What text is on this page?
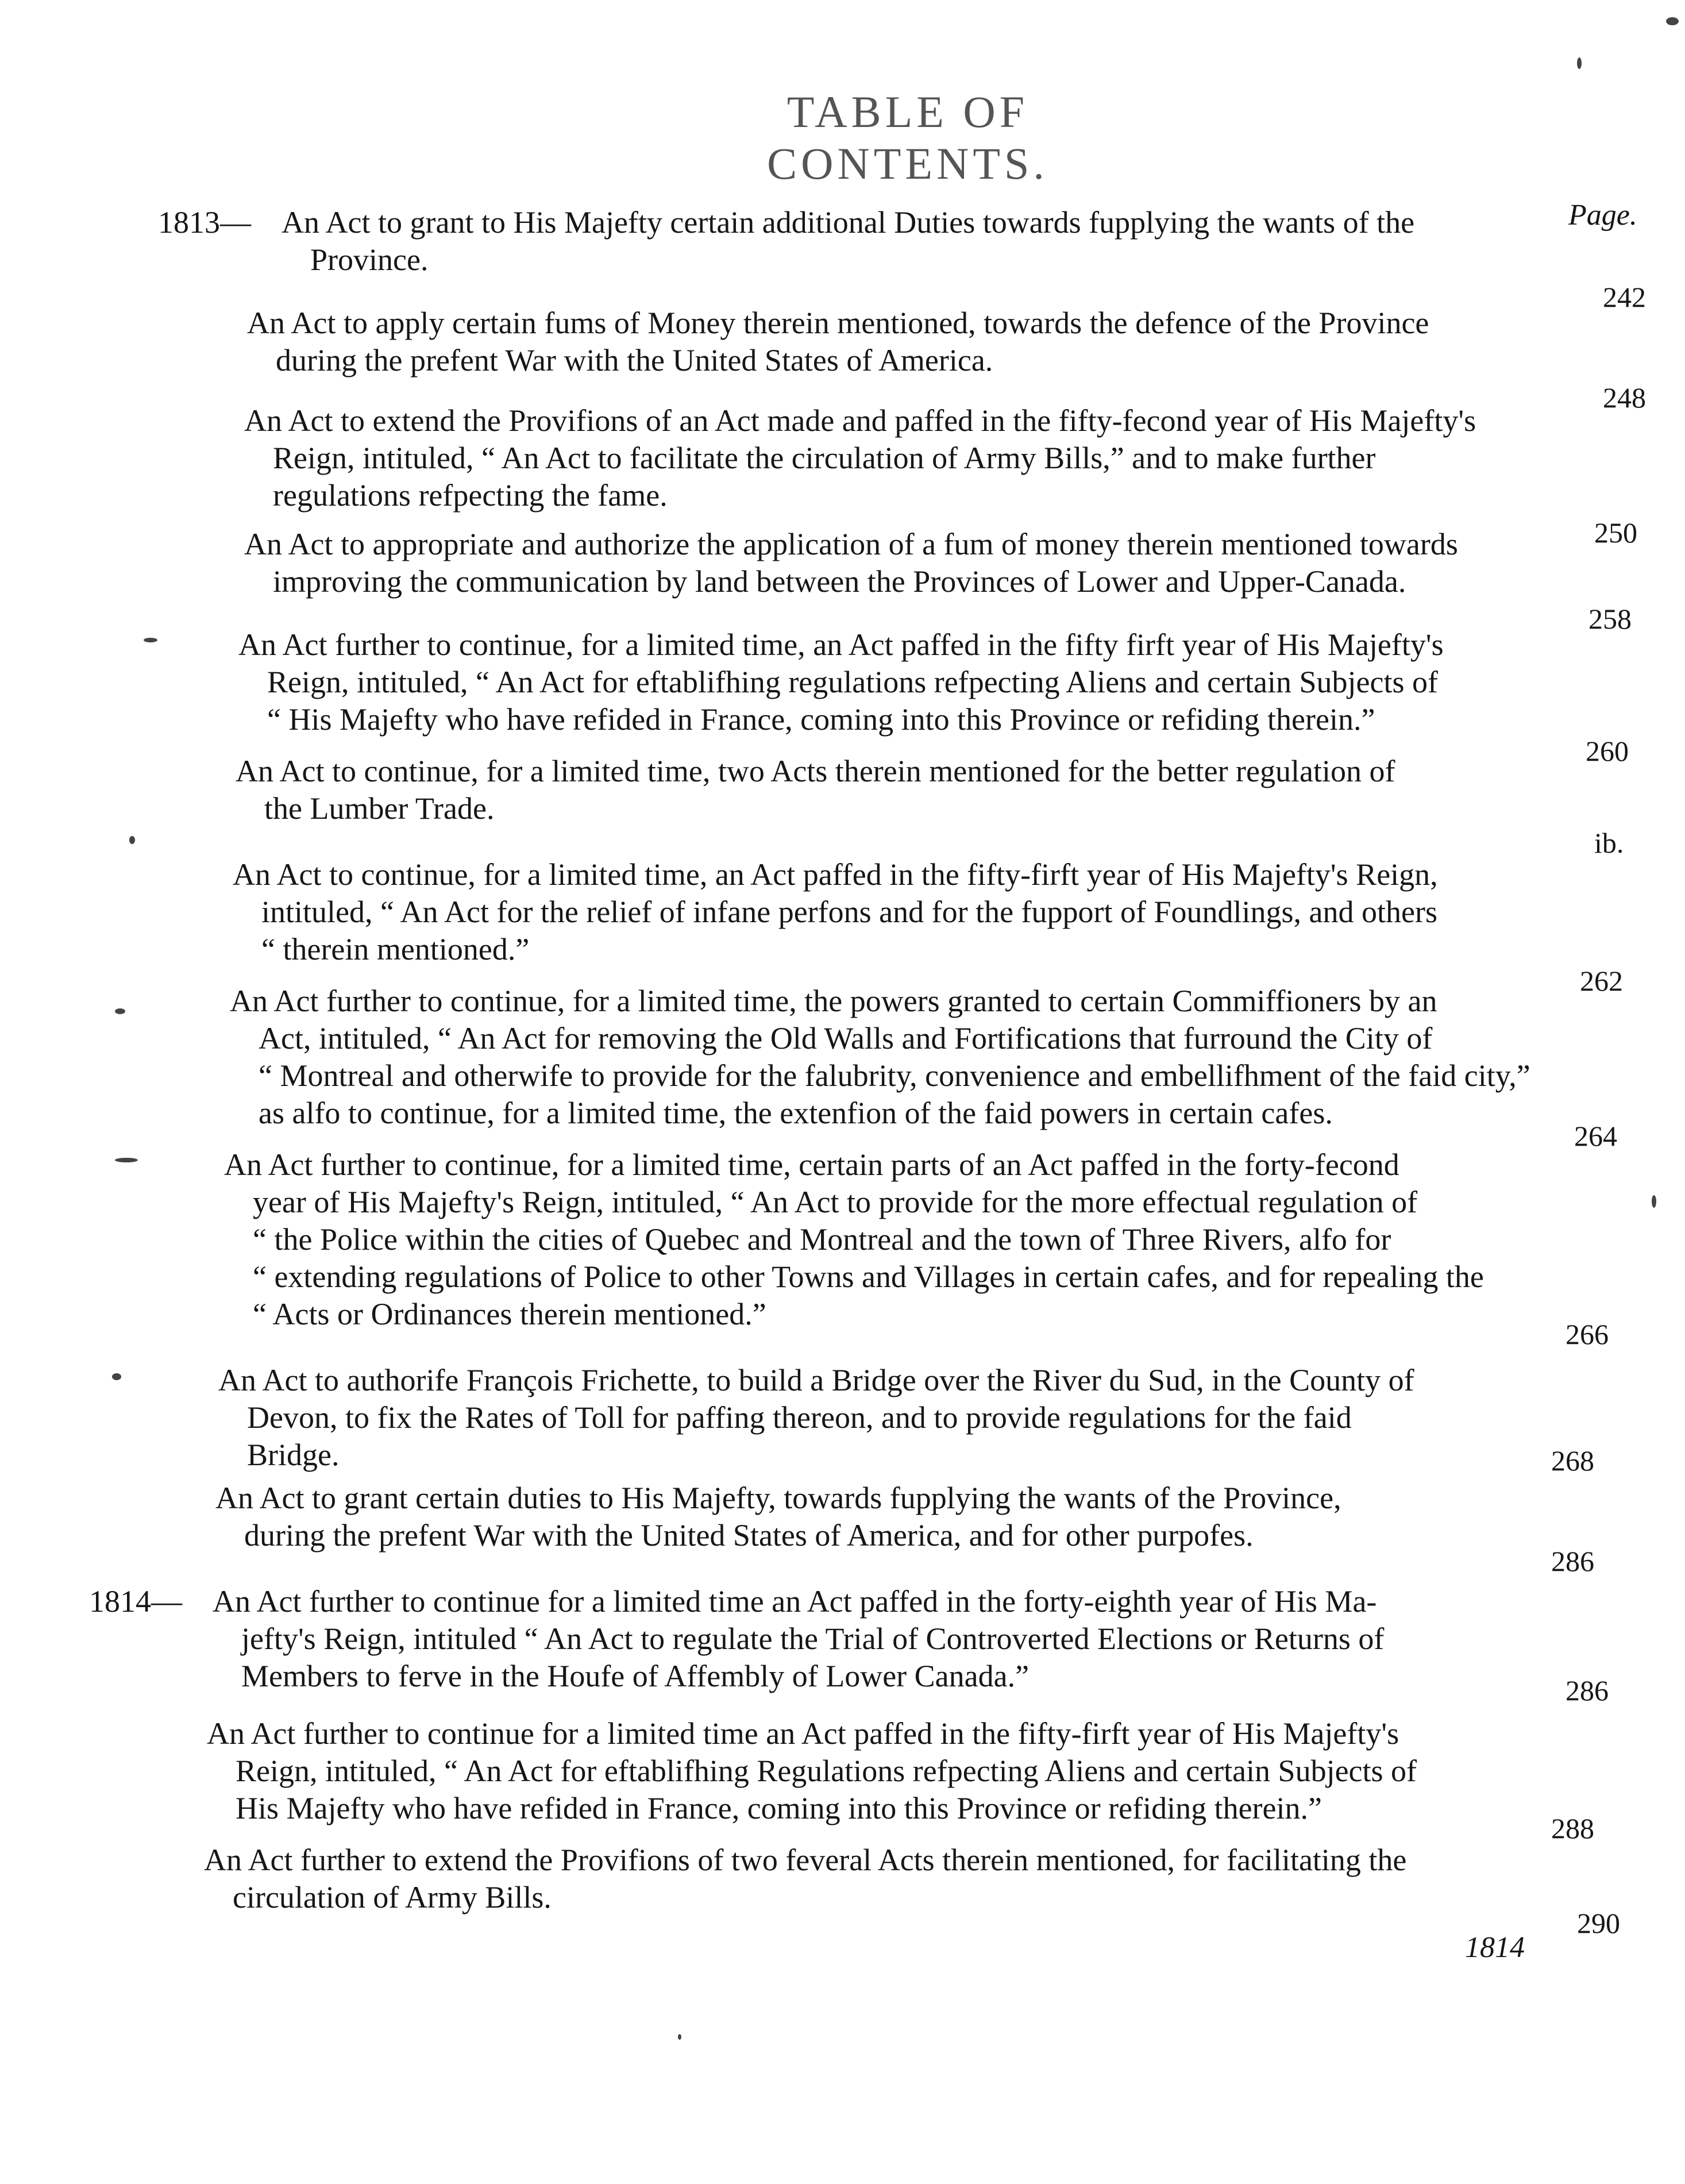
TABLE OF CONTENTS.
Page.
1813— An Act to grant to His Majefty certain additional Duties towards fupplying the wants of the
Province.
242
An Act to apply certain fums of Money therein mentioned, towards the defence of the Province
during the prefent War with the United States of America.
248
An Act to extend the Provifions of an Act made and paffed in the fifty-fecond year of His Majefty's
Reign, intituled, “ An Act to facilitate the circulation of Army Bills,” and to make further
regulations refpecting the fame.
250
An Act to appropriate and authorize the application of a fum of money therein mentioned towards
improving the communication by land between the Provinces of Lower and Upper-Canada.
258
An Act further to continue, for a limited time, an Act paffed in the fifty firft year of His Majefty's
Reign, intituled, “ An Act for eftablifhing regulations refpecting Aliens and certain Subjects of
“ His Majefty who have refided in France, coming into this Province or refiding therein.”
260
An Act to continue, for a limited time, two Acts therein mentioned for the better regulation of
the Lumber Trade.
ib.
An Act to continue, for a limited time, an Act paffed in the fifty-firft year of His Majefty's Reign,
intituled, “ An Act for the relief of infane perfons and for the fupport of Foundlings, and others
“ therein mentioned.”
262
An Act further to continue, for a limited time, the powers granted to certain Commiffioners by an
Act, intituled, “ An Act for removing the Old Walls and Fortifications that furround the City of
“ Montreal and otherwife to provide for the falubrity, convenience and embellifhment of the faid city,”
as alfo to continue, for a limited time, the extenfion of the faid powers in certain cafes.
264
An Act further to continue, for a limited time, certain parts of an Act paffed in the forty-fecond
year of His Majefty's Reign, intituled, “ An Act to provide for the more effectual regulation of
“ the Police within the cities of Quebec and Montreal and the town of Three Rivers, alfo for
“ extending regulations of Police to other Towns and Villages in certain cafes, and for repealing the
“ Acts or Ordinances therein mentioned.”
266
An Act to authorife François Frichette, to build a Bridge over the River du Sud, in the County of
Devon, to fix the Rates of Toll for paffing thereon, and to provide regulations for the faid
Bridge.	268
An Act to grant certain duties to His Majefty, towards fupplying the wants of the Province,
during the prefent War with the United States of America, and for other purpofes.
286
1814— An Act further to continue for a limited time an Act paffed in the forty-eighth year of His Ma-
jefty's Reign, intituled “ An Act to regulate the Trial of Controverted Elections or Returns of
Members to ferve in the Houfe of Affembly of Lower Canada.”	286
An Act further to continue for a limited time an Act paffed in the fifty-firft year of His Majefty's
Reign, intituled, “ An Act for eftablifhing Regulations refpecting Aliens and certain Subjects of
His Majefty who have refided in France, coming into this Province or refiding therein.”
288
An Act further to extend the Provifions of two feveral Acts therein mentioned, for facilitating the
circulation of Army Bills.
290
1814
